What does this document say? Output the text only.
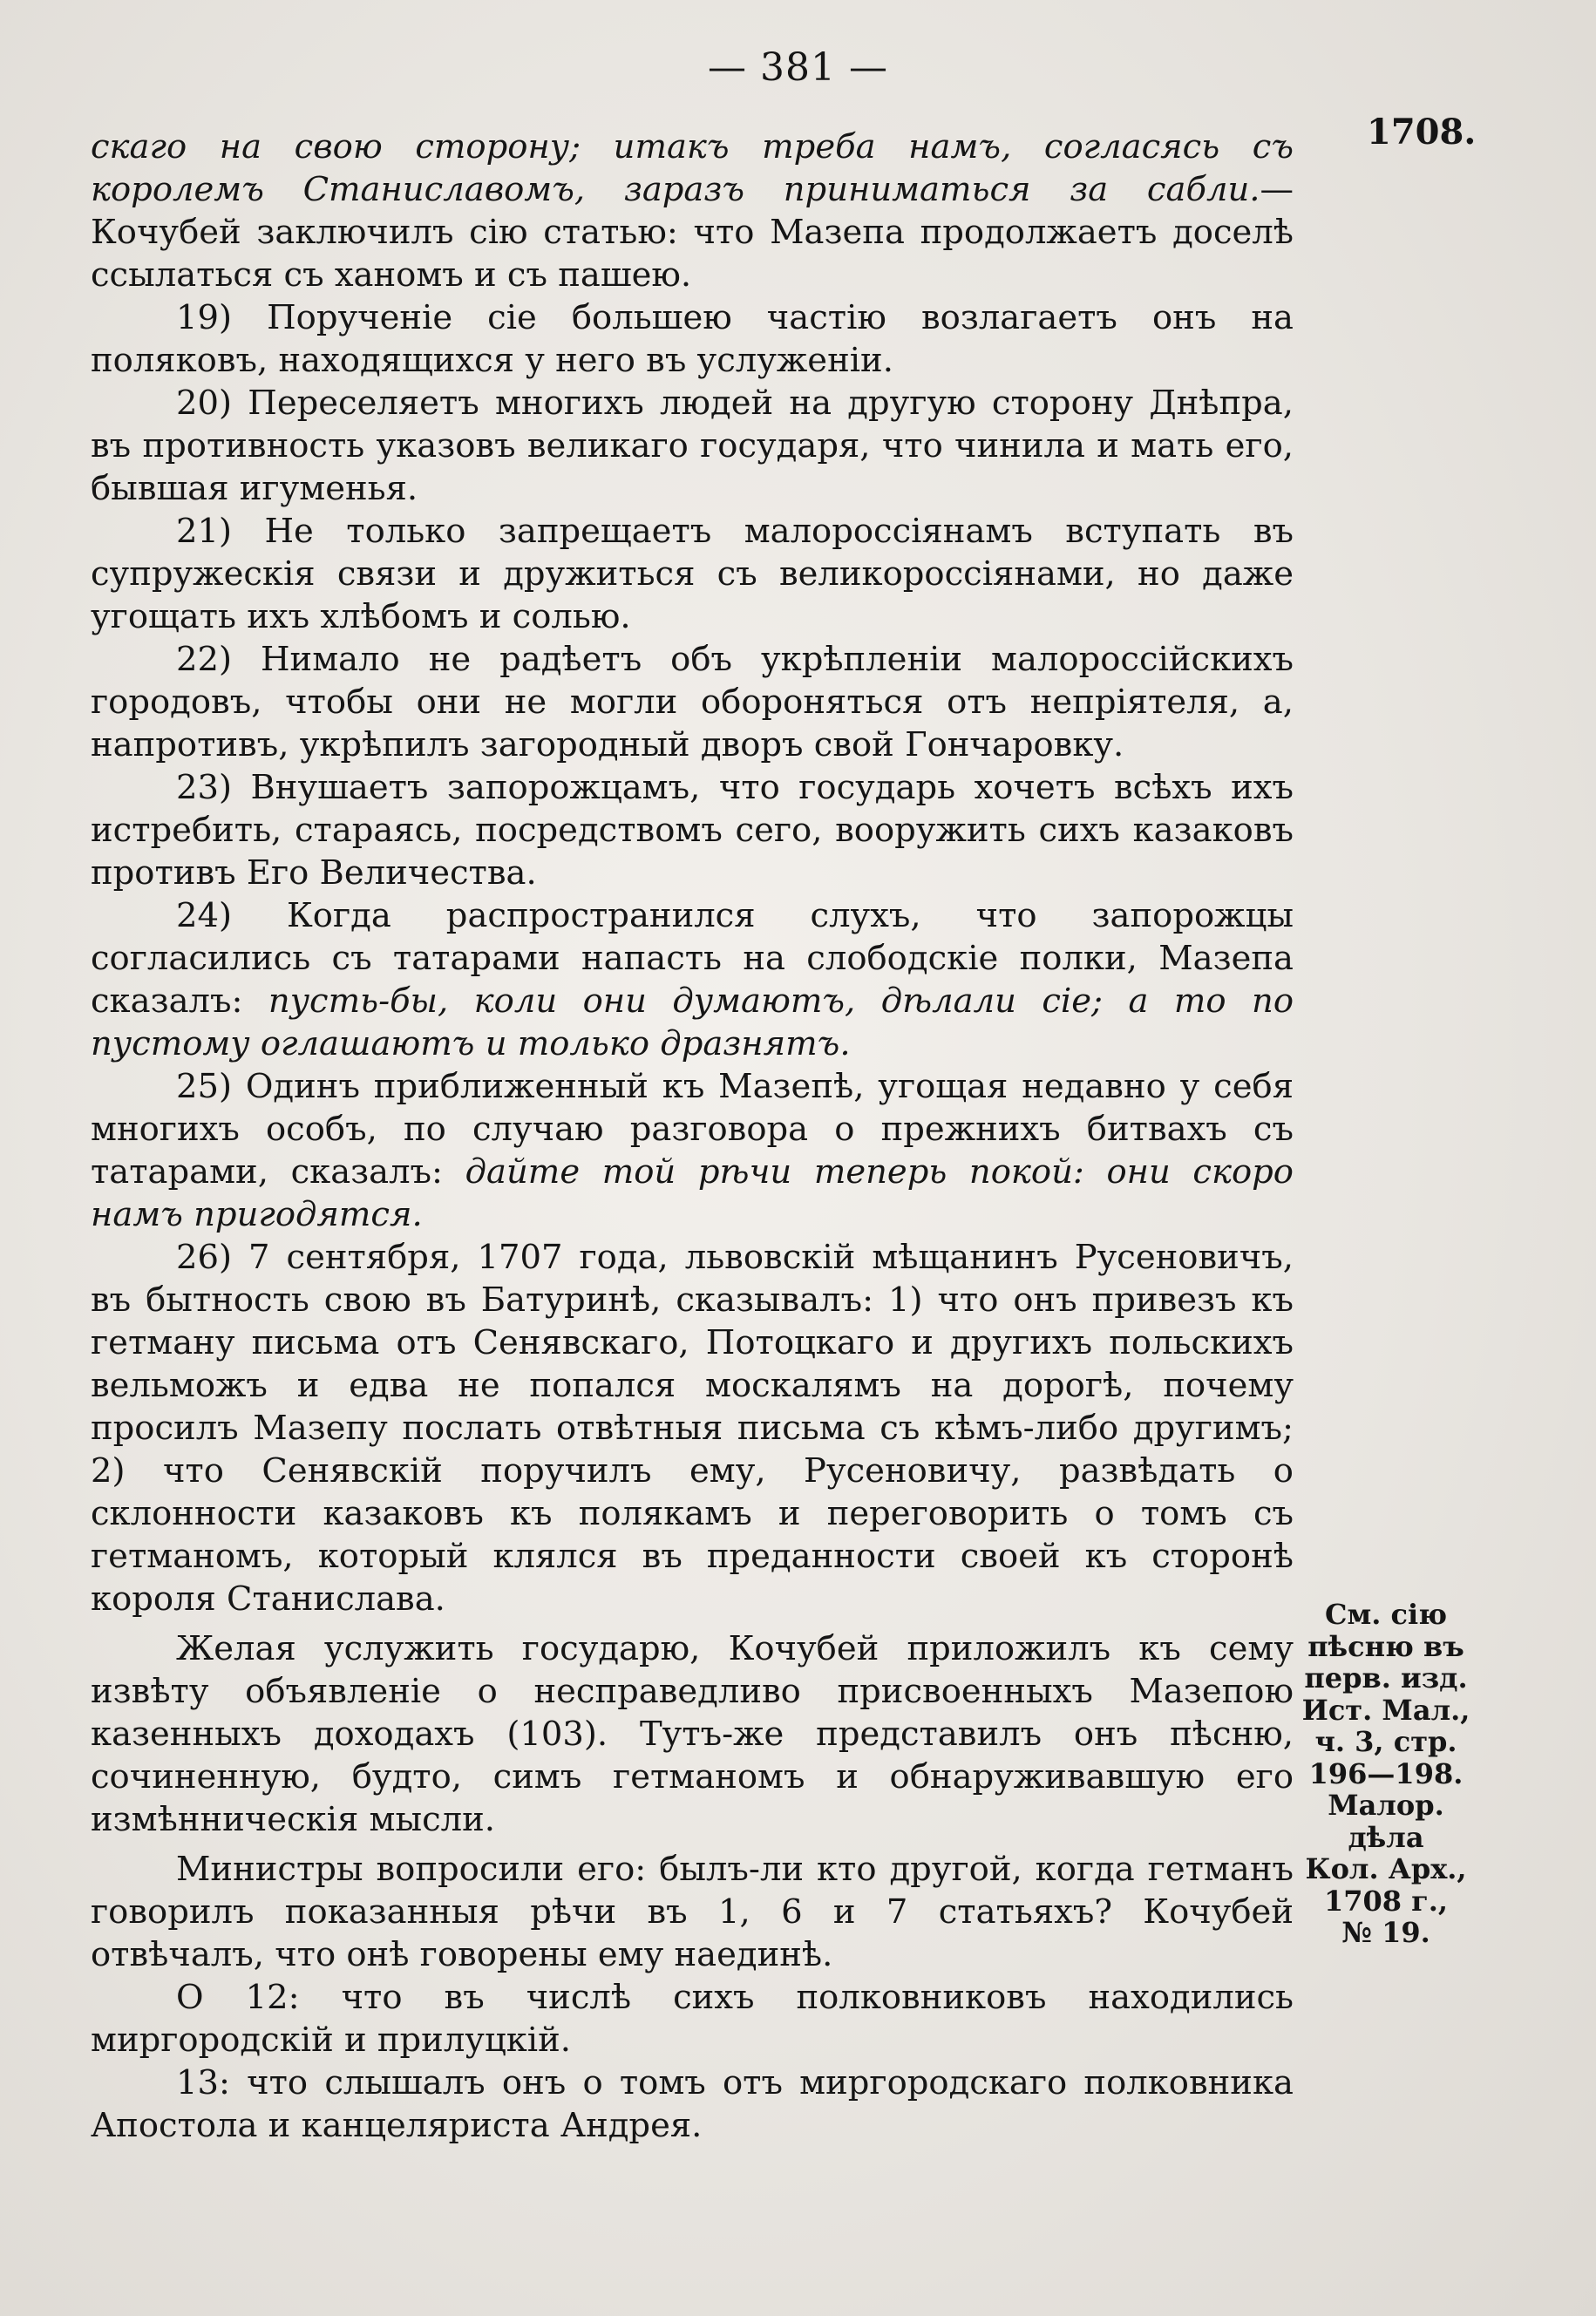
— 381 —
1708.

скаго на свою сторону; итакъ треба намъ, согласясь съ королемъ Станиславомъ, заразъ приниматься за сабли.— Кочубей заключилъ сію статью: что Мазепа продолжаетъ доселѣ ссылаться съ ханомъ и съ пашею.

19) Порученіе сіе большею частію возлагаетъ онъ на поляковъ, находящихся у него въ услуженіи.

20) Переселяетъ многихъ людей на другую сторону Днѣпра, въ противность указовъ великаго государя, что чинила и мать его, бывшая игуменья.

21) Не только запрещаетъ малороссіянамъ вступать въ супружескія связи и дружиться съ великороссіянами, но даже угощать ихъ хлѣбомъ и солью.

22) Нимало не радѣетъ объ укрѣпленіи малороссійскихъ городовъ, чтобы они не могли обороняться отъ непріятеля, а, напротивъ, укрѣпилъ загородный дворъ свой Гончаровку.

23) Внушаетъ запорожцамъ, что государь хочетъ всѣхъ ихъ истребить, стараясь, посредствомъ сего, вооружить сихъ казаковъ противъ Его Величества.

24) Когда распространился слухъ, что запорожцы согласились съ татарами напасть на слободскіе полки, Мазепа сказалъ: пусть-бы, коли они думаютъ, дѣлали сіе; а то по пустому оглашаютъ и только дразнятъ.

25) Одинъ приближенный къ Мазепѣ, угощая недавно у себя многихъ особъ, по случаю разговора о прежнихъ битвахъ съ татарами, сказалъ: дайте той рѣчи теперь покой: они скоро намъ пригодятся.

26) 7 сентября, 1707 года, львовскій мѣщанинъ Русеновичъ, въ бытность свою въ Батуринѣ, сказывалъ: 1) что онъ привезъ къ гетману письма отъ Сенявскаго, Потоцкаго и другихъ польскихъ вельможъ и едва не попался москалямъ на дорогѣ, почему просилъ Мазепу послать отвѣтныя письма съ кѣмъ-либо другимъ; 2) что Сенявскій поручилъ ему, Русеновичу, развѣдать о склонности казаковъ къ полякамъ и переговорить о томъ съ гетманомъ, который клялся въ преданности своей къ сторонѣ короля Станислава.

Желая услужить государю, Кочубей приложилъ къ сему извѣту объявленіе о несправедливо присвоенныхъ Мазепою казенныхъ доходахъ (103). Тутъ-же представилъ онъ пѣсню, сочиненную, будто, симъ гетманомъ и обнаруживавшую его измѣнническія мысли.

Министры вопросили его: былъ-ли кто другой, когда гетманъ говорилъ показанныя рѣчи въ 1, 6 и 7 статьяхъ? Кочубей отвѣчалъ, что онѣ говорены ему наединѣ.

О 12: что въ числѣ сихъ полковниковъ находились миргородскій и прилуцкій.

13: что слышалъ онъ о томъ отъ миргородскаго полковника Апостола и канцеляриста Андрея.

См. сію
пѣсню въ
перв. изд.
Ист. Мал.,
ч. 3, стр.
196—198.
Малор.
дѣла
Кол. Арх.,
1708 г.,
№ 19.
